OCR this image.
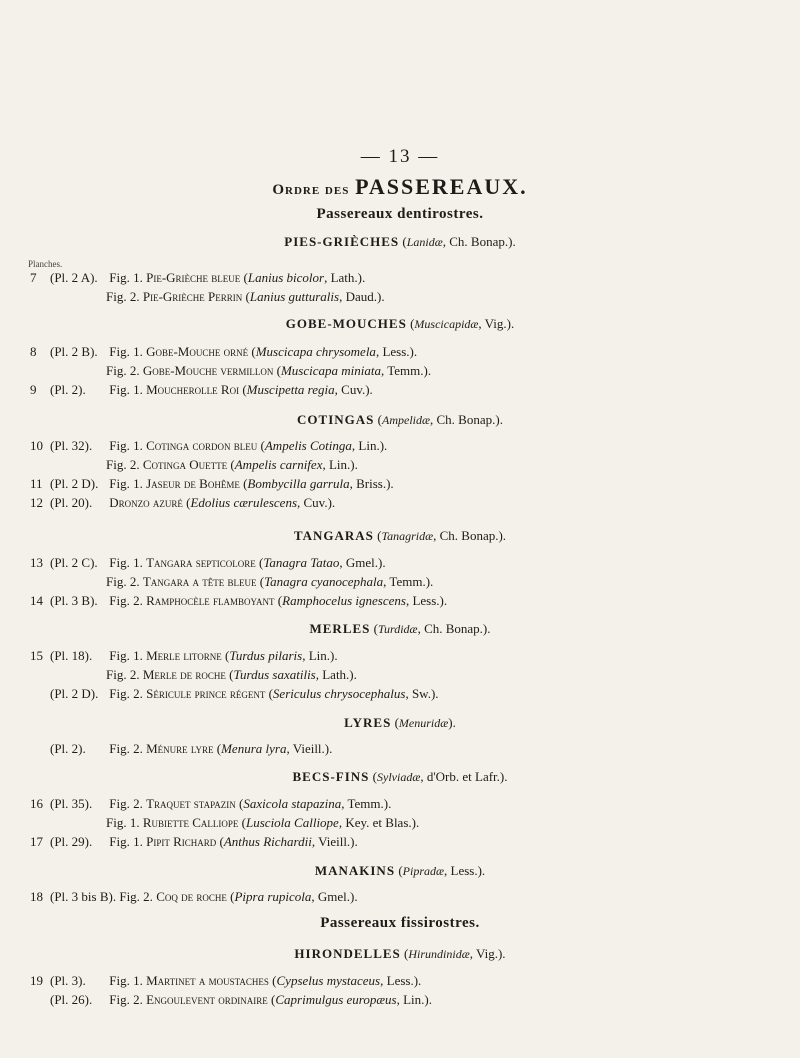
— 13 —
Ordre des PASSEREAUX.
Passereaux dentirostres.
PIES-GRIÈCHES (Lanidæ, Ch. Bonap.).
Planches.
7 (Pl. 2 A). Fig. 1. Pie-Grièche bleue (Lanius bicolor, Lath.).
Fig. 2. Pie-Grièche Perrin (Lanius gutturalis, Daud.).
GOBE-MOUCHES (Muscicapidæ, Vig.).
8 (Pl. 2 B). Fig. 1. Gobe-Mouche orné (Muscicapa chrysomela, Less.).
Fig. 2. Gobe-Mouche vermillon (Muscicapa miniata, Temm.).
9 (Pl. 2). Fig. 1. Moucherolle Roi (Muscipetta regia, Cuv.).
COTINGAS (Ampelidæ, Ch. Bonap.).
10 (Pl. 32). Fig. 1. Cotinga cordon bleu (Ampelis Cotinga, Lin.).
Fig. 2. Cotinga Ouette (Ampelis carnifex, Lin.).
11 (Pl. 2 D). Fig. 1. Jaseur de Bohême (Bombycilla garrula, Briss.).
12 (Pl. 20). Dronzo azuré (Edolius cærulescens, Cuv.).
TANGARAS (Tanagridæ, Ch. Bonap.).
13 (Pl. 2 C). Fig. 1. Tangara septicolore (Tanagra Tatao, Gmel.).
Fig. 2. Tangara a tête bleue (Tanagra cyanocephala, Temm.).
14 (Pl. 3 B). Fig. 2. Ramphocèle flamboyant (Ramphocelus ignescens, Less.).
MERLES (Turdidæ, Ch. Bonap.).
15 (Pl. 18). Fig. 1. Merle litorne (Turdus pilaris, Lin.).
Fig. 2. Merle de roche (Turdus saxatilis, Lath.).
(Pl. 2 D). Fig. 2. Séricule prince régent (Sericulus chrysocephalus, Sw.).
LYRES (Menuridæ).
(Pl. 2). Fig. 2. Ménure lyre (Menura lyra, Vieill.).
BECS-FINS (Sylviadæ, d'Orb. et Lafr.).
16 (Pl. 35). Fig. 2. Traquet stapazin (Saxicola stapazina, Temm.).
Fig. 1. Rubiette Calliope (Lusciola Calliope, Key. et Blas.).
17 (Pl. 29). Fig. 1. Pipit Richard (Anthus Richardii, Vieill.).
MANAKINS (Pipradæ, Less.).
18 (Pl. 3 bis B). Fig. 2. Coq de roche (Pipra rupicola, Gmel.).
Passereaux fissirostres.
HIRONDELLES (Hirundinidæ, Vig.).
19 (Pl. 3). Fig. 1. Martinet a moustaches (Cypselus mystaceus, Less.).
(Pl. 26). Fig. 2. Engoulevent ordinaire (Caprimulgus europæus, Lin.).
